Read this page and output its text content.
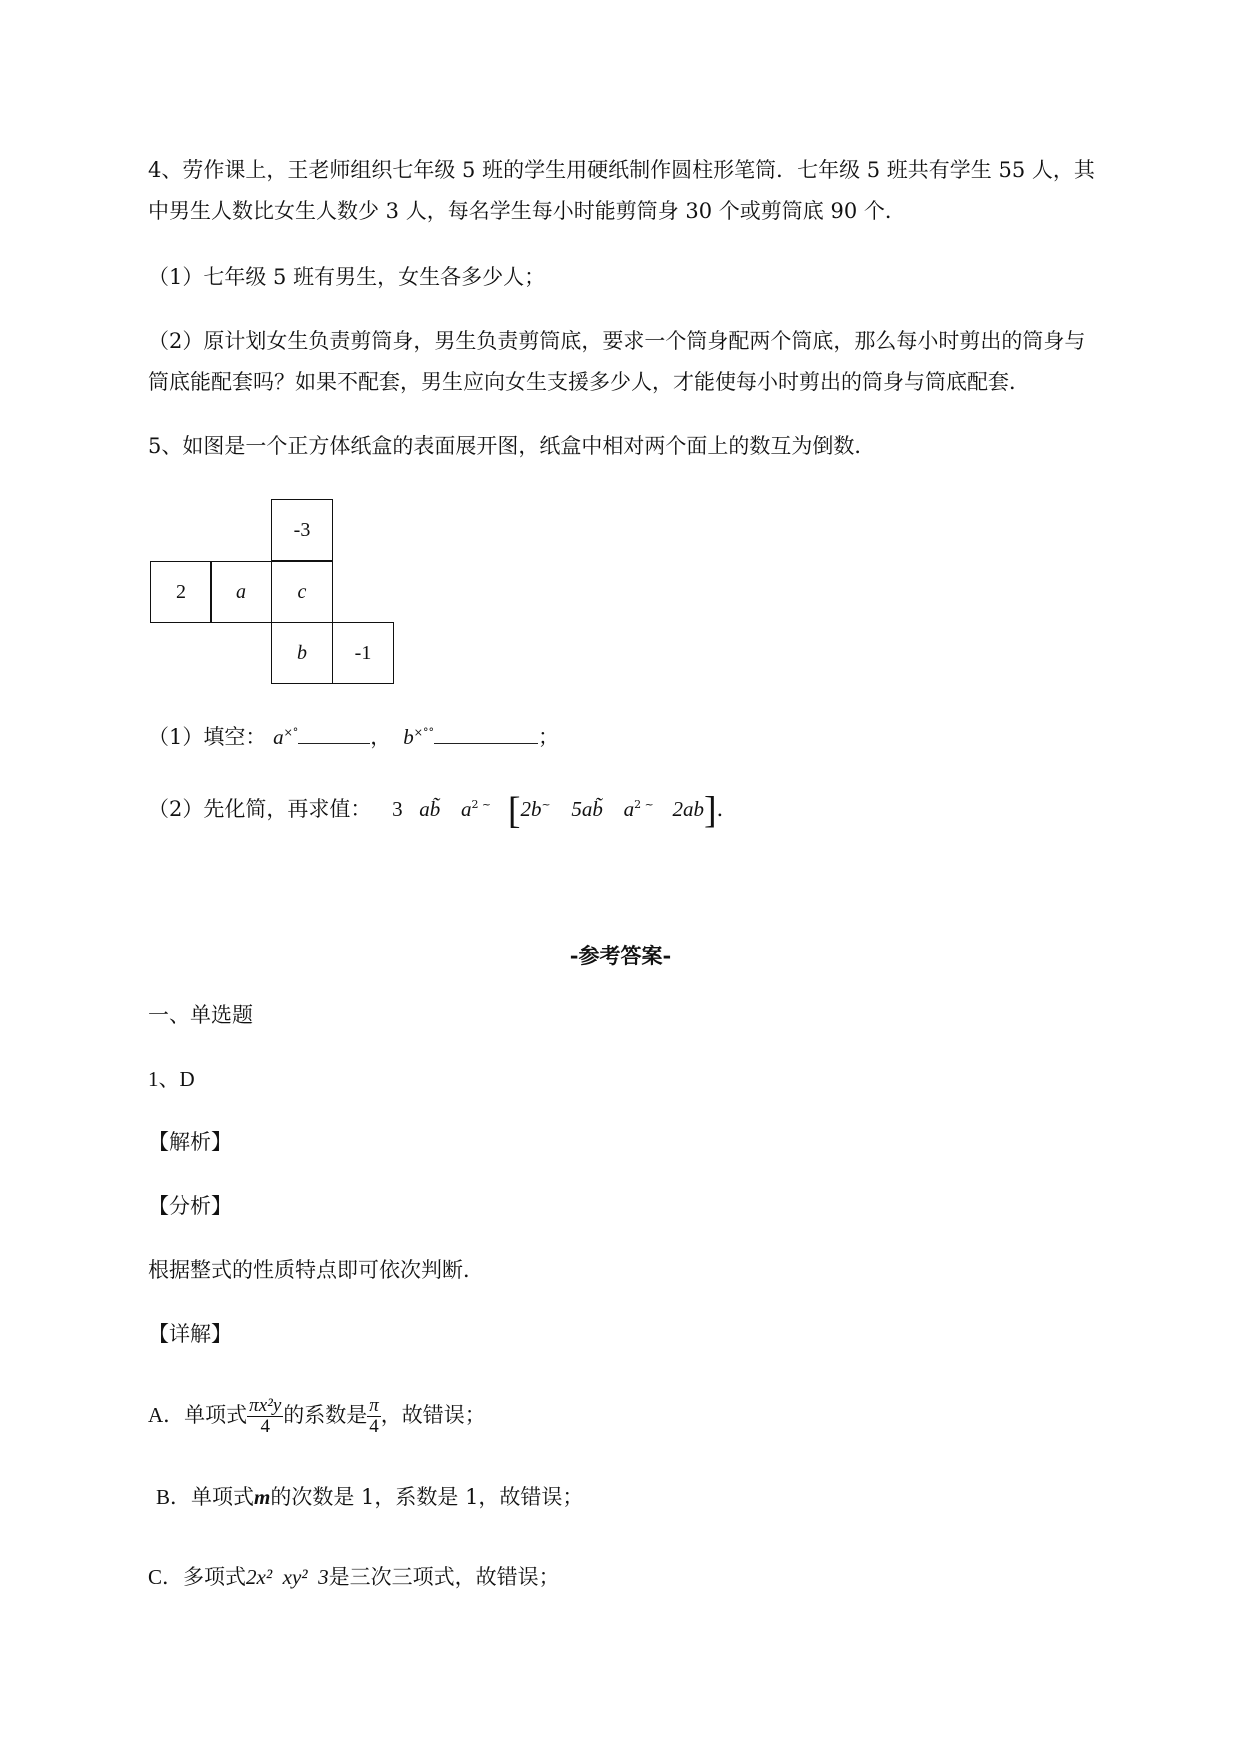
4、劳作课上，王老师组织七年级 5 班的学生用硬纸制作圆柱形笔筒．七年级 5 班共有学生 55 人，其
中男生人数比女生人数少 3 人，每名学生每小时能剪筒身 30 个或剪筒底 90 个．
（1）七年级 5 班有男生，女生各多少人；
（2）原计划女生负责剪筒身，男生负责剪筒底，要求一个筒身配两个筒底，那么每小时剪出的筒身与
筒底能配套吗？如果不配套，男生应向女生支援多少人，才能使每小时剪出的筒身与筒底配套．
5、如图是一个正方体纸盒的表面展开图，纸盒中相对两个面上的数互为倒数．
-3
2	a	c
b	-1
（1）填空： a×°	， b×°°	；
（2）先化简，再求值： 3 ab̃ $a^{2 \sim}$ [2b~ 5ab̃ $a^{2 \sim}$ 2ab]．
-参考答案-
一、单选题
1、D
【解析】
【分析】
根据整式的性质特点即可依次判断．
【详解】
A．单项式 $\frac{\text{πx²y}}{4}$ 的系数是 $\frac{\pi}{4}$ ，故错误；
B．单项式m的次数是 1，系数是 1，故错误；
C．多项式2x²  xy²  3是三次三项式，故错误；
